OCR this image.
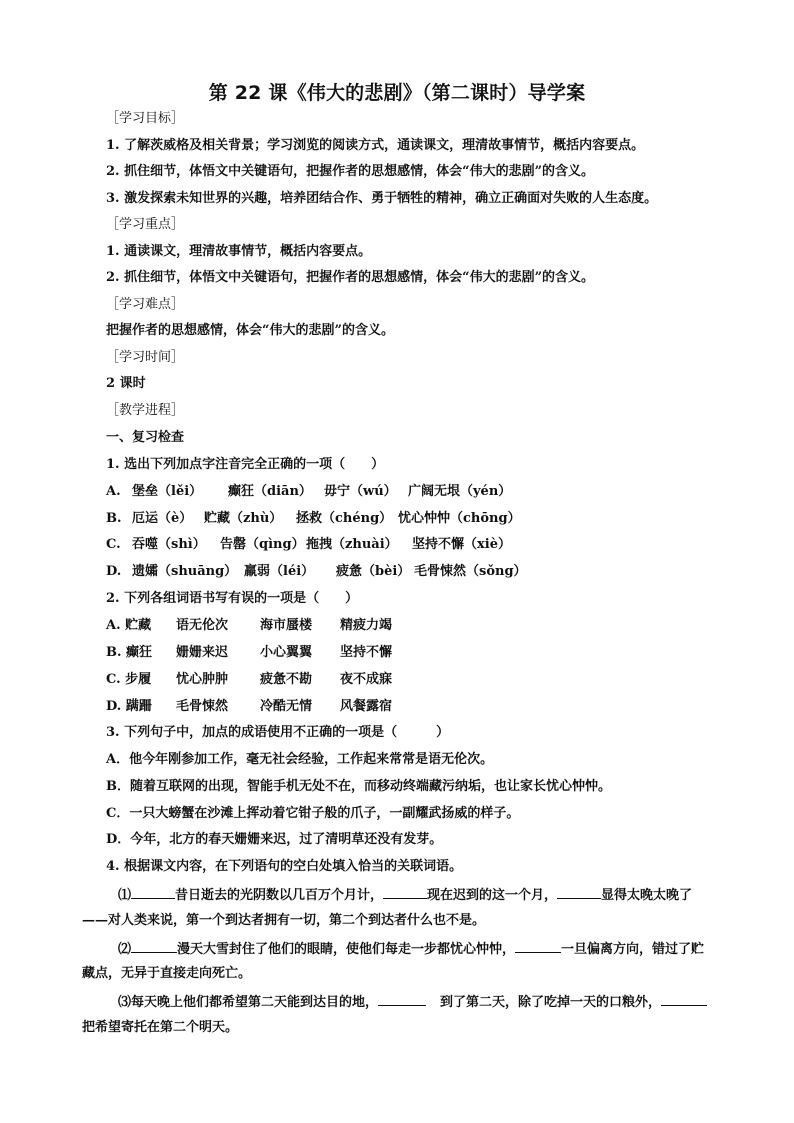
第 22 课《伟大的悲剧》（第二课时）导学案
［学习目标］
1. 了解茨威格及相关背景；学习浏览的阅读方式，通读课文，理清故事情节，概括内容要点。
2. 抓住细节，体悟文中关键语句，把握作者的思想感情，体会“伟大的悲剧”的含义。
3. 激发探索未知世界的兴趣，培养团结合作、勇于牺牲的精神，确立正确面对失败的人生态度。
［学习重点］
1. 通读课文，理清故事情节，概括内容要点。
2. 抓住细节，体悟文中关键语句，把握作者的思想感情，体会“伟大的悲剧”的含义。
［学习难点］
把握作者的思想感情，体会“伟大的悲剧”的含义。
［学习时间］
2 课时
［教学进程］
一、复习检查
1. 选出下列加点字注音完全正确的一项（　　）
A. 堡垒（lěi） 癫狂（diān） 毋宁（wú） 广阔无垠（yén）
B. 厄运（è） 贮藏（zhù） 拯救（chéng） 忧心忡忡（chōng）
C. 吞噬（shì） 告罄（qìng）拖拽（zhuài） 坚持不懈（xiè）
D. 遗孀（shuāng） 羸弱（léi） 疲惫（bèi） 毛骨悚然（sǒng）
2. 下列各组词语书写有误的一项是（　　）
A. 贮藏 语无伦次 海市蜃楼 精疲力竭
B. 癫狂 姗姗来迟 小心翼翼 坚持不懈
C. 步履 忧心肿肿 疲惫不勘 夜不成寐
D. 蹒跚 毛骨悚然 冷酷无情 风餐露宿
3. 下列句子中，加点的成语使用不正确的一项是（　　　）
A．他今年刚参加工作，毫无社会经验，工作起来常常是语无伦次。
B．随着互联网的出现，智能手机无处不在，而移动终端藏污纳垢，也让家长忧心忡忡。
C．一只大螃蟹在沙滩上挥动着它钳子般的爪子，一副耀武扬威的样子。
D．今年，北方的春天姗姗来迟，过了清明草还没有发芽。
4. 根据课文内容，在下列语句的空白处填入恰当的关联词语。
⑴	昔日逝去的光阴数以几百万个月计，	现在迟到的这一个月，	显得太晚太晚了
——对人类来说，第一个到达者拥有一切，第二个到达者什么也不是。
⑵	漫天大雪封住了他们的眼睛，使他们每走一步都忧心忡忡，	一旦偏离方向，错过了贮
藏点，无异于直接走向死亡。
⑶每天晚上他们都希望第二天能到达目的地，	到了第二天，除了吃掉一天的口粮外，
把希望寄托在第二个明天。
